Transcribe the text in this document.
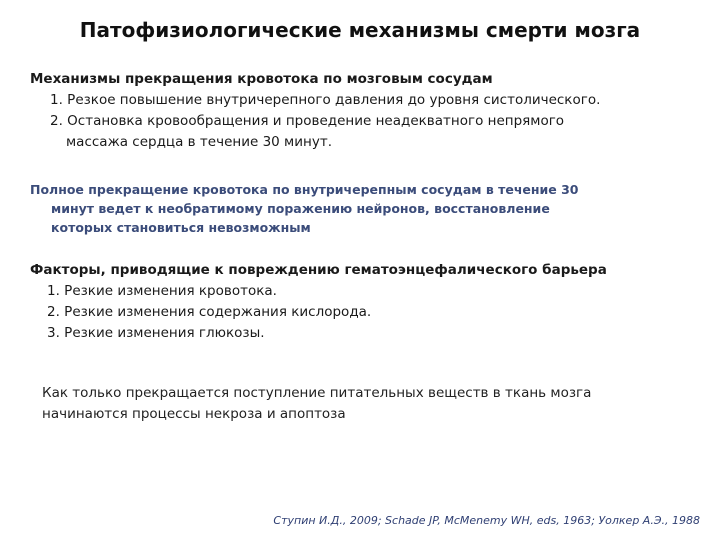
Патофизиологические механизмы смерти мозга
Механизмы прекращения кровотока по мозговым сосудам
1. Резкое повышение внутричерепного давления до уровня систолического.
2. Остановка кровообращения и проведение неадекватного непрямого
массажа сердца в течение 30 минут.
Полное прекращение кровотока по внутричерепным сосудам в течение 30
минут ведет к необратимому поражению нейронов, восстановление
которых становиться невозможным
Факторы, приводящие к повреждению гематоэнцефалического барьера
1. Резкие изменения кровотока.
2. Резкие изменения содержания кислорода.
3. Резкие изменения глюкозы.
Как только прекращается поступление питательных веществ в ткань мозга
начинаются процессы некроза и апоптоза
Ступин И.Д., 2009; Schade JP, McMenemy WH, eds, 1963; Уолкер А.Э., 1988
